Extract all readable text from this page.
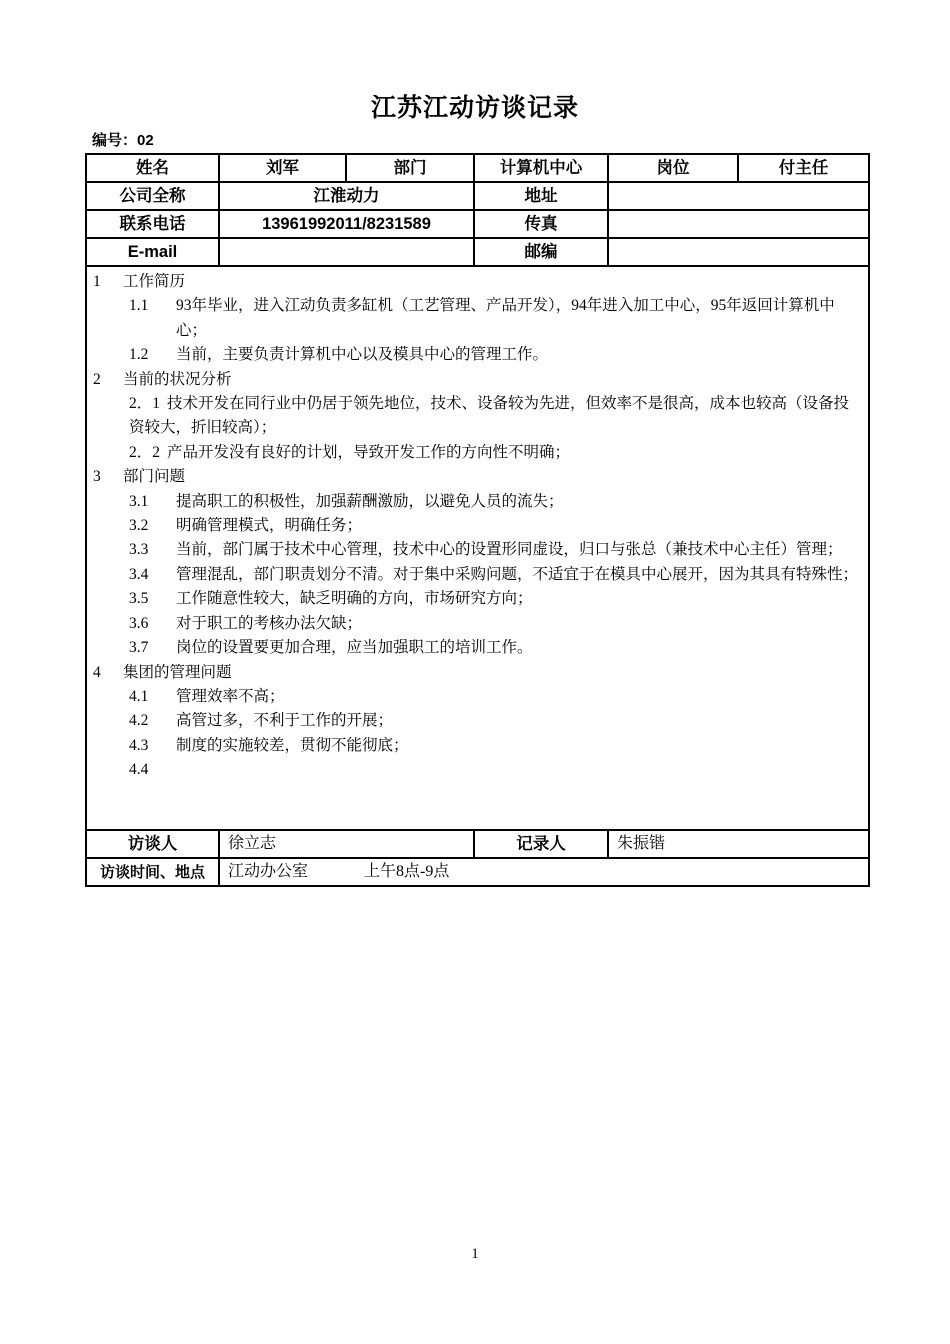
江苏江动访谈记录
编号：02
姓名	刘军	部门	计算机中心	岗位	付主任
公司全称	江淮动力		地址		
联系电话	13961992011/8231589		传真		
E-mail			邮编		

1	工作简历
1.1	93年毕业，进入江动负责多缸机（工艺管理、产品开发），94年进入加工中心，95年返回计算机中心；
1.2	当前，主要负责计算机中心以及模具中心的管理工作。
2	当前的状况分析
2．1 技术开发在同行业中仍居于领先地位，技术、设备较为先进，但效率不是很高，成本也较高（设备投资较大，折旧较高）；
2．2 产品开发没有良好的计划，导致开发工作的方向性不明确；
3	部门问题
3.1	提高职工的积极性，加强薪酬激励，以避免人员的流失；
3.2	明确管理模式，明确任务；
3.3	当前，部门属于技术中心管理，技术中心的设置形同虚设，归口与张总（兼技术中心主任）管理；
3.4	管理混乱，部门职责划分不清。对于集中采购问题，不适宜于在模具中心展开，因为其具有特殊性；
3.5	工作随意性较大，缺乏明确的方向，市场研究方向；
3.6	对于职工的考核办法欠缺；
3.7	岗位的设置要更加合理，应当加强职工的培训工作。
4	集团的管理问题
4.1	管理效率不高；
4.2	高管过多，不利于工作的开展；
4.3	制度的实施较差，贯彻不能彻底；
4.4

访谈人	徐立志		记录人	朱振锴	
访谈时间、地点	江动办公室 上午8点-9点				
1
